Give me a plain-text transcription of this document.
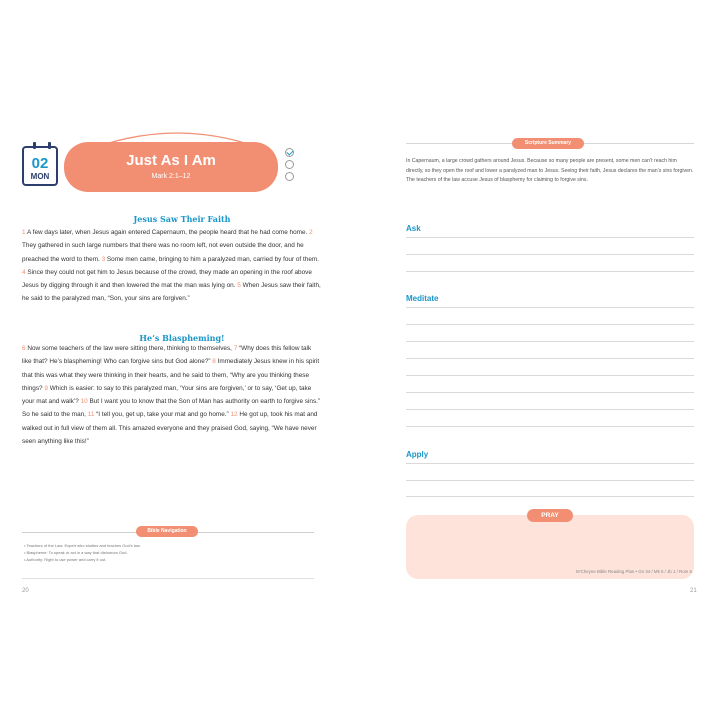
02
MON
Just As I Am
Mark 2:1–12
Jesus Saw Their Faith
1 A few days later, when Jesus again entered Capernaum, the people heard that he had come home. 2 They gathered in such large numbers that there was no room left, not even outside the door, and he preached the word to them. 3 Some men came, bringing to him a paralyzed man, carried by four of them. 4 Since they could not get him to Jesus because of the crowd, they made an opening in the roof above Jesus by digging through it and then lowered the mat the man was lying on. 5 When Jesus saw their faith, he said to the paralyzed man, “Son, your sins are forgiven.”
He’s Blaspheming!
6 Now some teachers of the law were sitting there, thinking to themselves, 7 “Why does this fellow talk like that? He’s blaspheming! Who can forgive sins but God alone?” 8 Immediately Jesus knew in his spirit that this was what they were thinking in their hearts, and he said to them, “Why are you thinking these things? 9 Which is easier: to say to this paralyzed man, ‘Your sins are forgiven,’ or to say, ‘Get up, take your mat and walk’? 10 But I want you to know that the Son of Man has authority on earth to forgive sins.” So he said to the man, 11 “I tell you, get up, take your mat and go home.” 12 He got up, took his mat and walked out in full view of them all. This amazed everyone and they praised God, saying, “We have never seen anything like this!”
Bible Navigation
• Teachers of the Law: Expert who studies and teaches God’s law.
• Blaspheme: To speak or act in a way that dishonors God.
• Authority: Right to use power and carry it out.
20
Scripture Summary
In Capernaum, a large crowd gathers around Jesus. Because so many people are present, some men can’t reach him directly, so they open the roof and lower a paralyzed man to Jesus. Seeing their faith, Jesus declares the man’s sins forgiven. The teachers of the law accuse Jesus of blasphemy for claiming to forgive sins.
Ask
Meditate
Apply
PRAY
M’Cheyne Bible Reading Plan • Gn 34 / Mk 5 / Jb 1 / Rom 5
21
